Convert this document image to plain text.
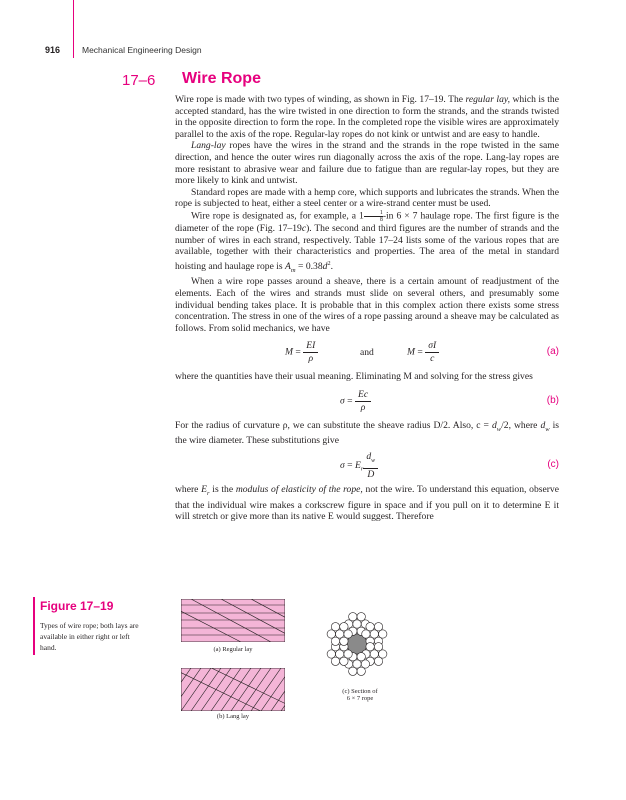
916	Mechanical Engineering Design
17–6 Wire Rope

Wire rope is made with two types of winding, as shown in Fig. 17–19. The regular lay, which is the accepted standard, has the wire twisted in one direction to form the strands, and the strands twisted in the opposite direction to form the rope. In the completed rope the visible wires are approximately parallel to the axis of the rope. Regular-lay ropes do not kink or untwist and are easy to handle.

Lang-lay ropes have the wires in the strand and the strands in the rope twisted in the same direction, and hence the outer wires run diagonally across the axis of the rope. Lang-lay ropes are more resistant to abrasive wear and failure due to fatigue than are regular-lay ropes, but they are more likely to kink and untwist.

Standard ropes are made with a hemp core, which supports and lubricates the strands. When the rope is subjected to heat, either a steel center or a wire-strand center must be used.

Wire rope is designated as, for example, a $1 \frac{1}{8} -in$ 6 × 7 haulage rope. The first figure is the diameter of the rope (Fig. 17–19c). The second and third figures are the number of strands and the number of wires in each strand, respectively. Table 17–24 lists some of the various ropes that are available, together with their characteristics and properties. The area of the metal in standard hoisting and haulage rope is $A_m = 0.38d^2$.

When a wire rope passes around a sheave, there is a certain amount of readjustment of the elements. Each of the wires and strands must slide on several others, and presumably some individual bending takes place. It is probable that in this complex action there exists some stress concentration. The stress in one of the wires of a rope passing around a sheave may be calculated as follows. From solid mechanics, we have

$M = \frac{EI}{\rho}$	and	$M = \frac{\sigma I}{c}$	(a)

where the quantities have their usual meaning. Eliminating M and solving for the stress gives

$\sigma = \frac{Ec}{\rho}$	(b)

For the radius of curvature ρ, we can substitute the sheave radius D/2. Also, $c = d_w/2$, where $d_w$ is the wire diameter. These substitutions give

$\sigma = E_r \frac{d_w}{D}$	(c)

where $E_r$ is the modulus of elasticity of the rope, not the wire. To understand this equation, observe that the individual wire makes a corkscrew figure in space and if you pull on it to determine E it will stretch or give more than its native E would suggest. Therefore

Figure 17–19
Types of wire rope; both lays are available in either right or left hand.	(a) Regular lay
(b) Lang lay
(c) Section of
6 × 7 rope
